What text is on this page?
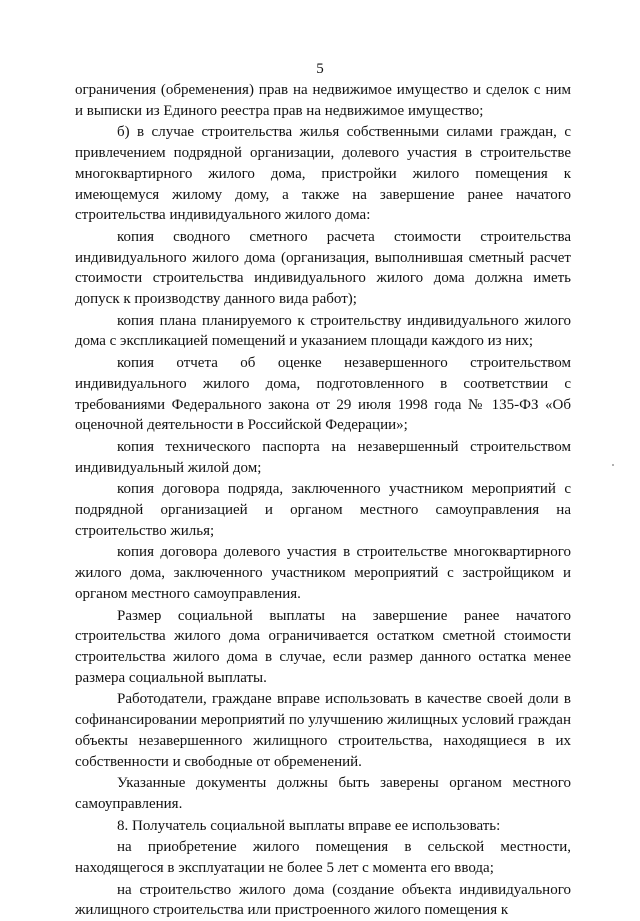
5

ограничения (обременения) прав на недвижимое имущество и сделок с ним и выписки из Единого реестра прав на недвижимое имущество;

б) в случае строительства жилья собственными силами граждан, с привлечением подрядной организации, долевого участия в строительстве многоквартирного жилого дома, пристройки жилого помещения к имеющемуся жилому дому, а также на завершение ранее начатого строительства индивидуального жилого дома:

копия сводного сметного расчета стоимости строительства индивидуального жилого дома (организация, выполнившая сметный расчет стоимости строительства индивидуального жилого дома должна иметь допуск к производству данного вида работ);

копия плана планируемого к строительству индивидуального жилого дома с экспликацией помещений и указанием площади каждого из них;

копия отчета об оценке незавершенного строительством индивидуального жилого дома, подготовленного в соответствии с требованиями Федерального закона от 29 июля 1998 года № 135-ФЗ «Об оценочной деятельности в Российской Федерации»;

копия технического паспорта на незавершенный строительством индивидуальный жилой дом;

копия договора подряда, заключенного участником мероприятий с подрядной организацией и органом местного самоуправления на строительство жилья;

копия договора долевого участия в строительстве многоквартирного жилого дома, заключенного участником мероприятий с застройщиком и органом местного самоуправления.

Размер социальной выплаты на завершение ранее начатого строительства жилого дома ограничивается остатком сметной стоимости строительства жилого дома в случае, если размер данного остатка менее размера социальной выплаты.

Работодатели, граждане вправе использовать в качестве своей доли в софинансировании мероприятий по улучшению жилищных условий граждан объекты незавершенного жилищного строительства, находящиеся в их собственности и свободные от обременений.

Указанные документы должны быть заверены органом местного самоуправления.

8. Получатель социальной выплаты вправе ее использовать:

на приобретение жилого помещения в сельской местности, находящегося в эксплуатации не более 5 лет с момента его ввода;

на строительство жилого дома (создание объекта индивидуального жилищного строительства или пристроенного жилого помещения к
